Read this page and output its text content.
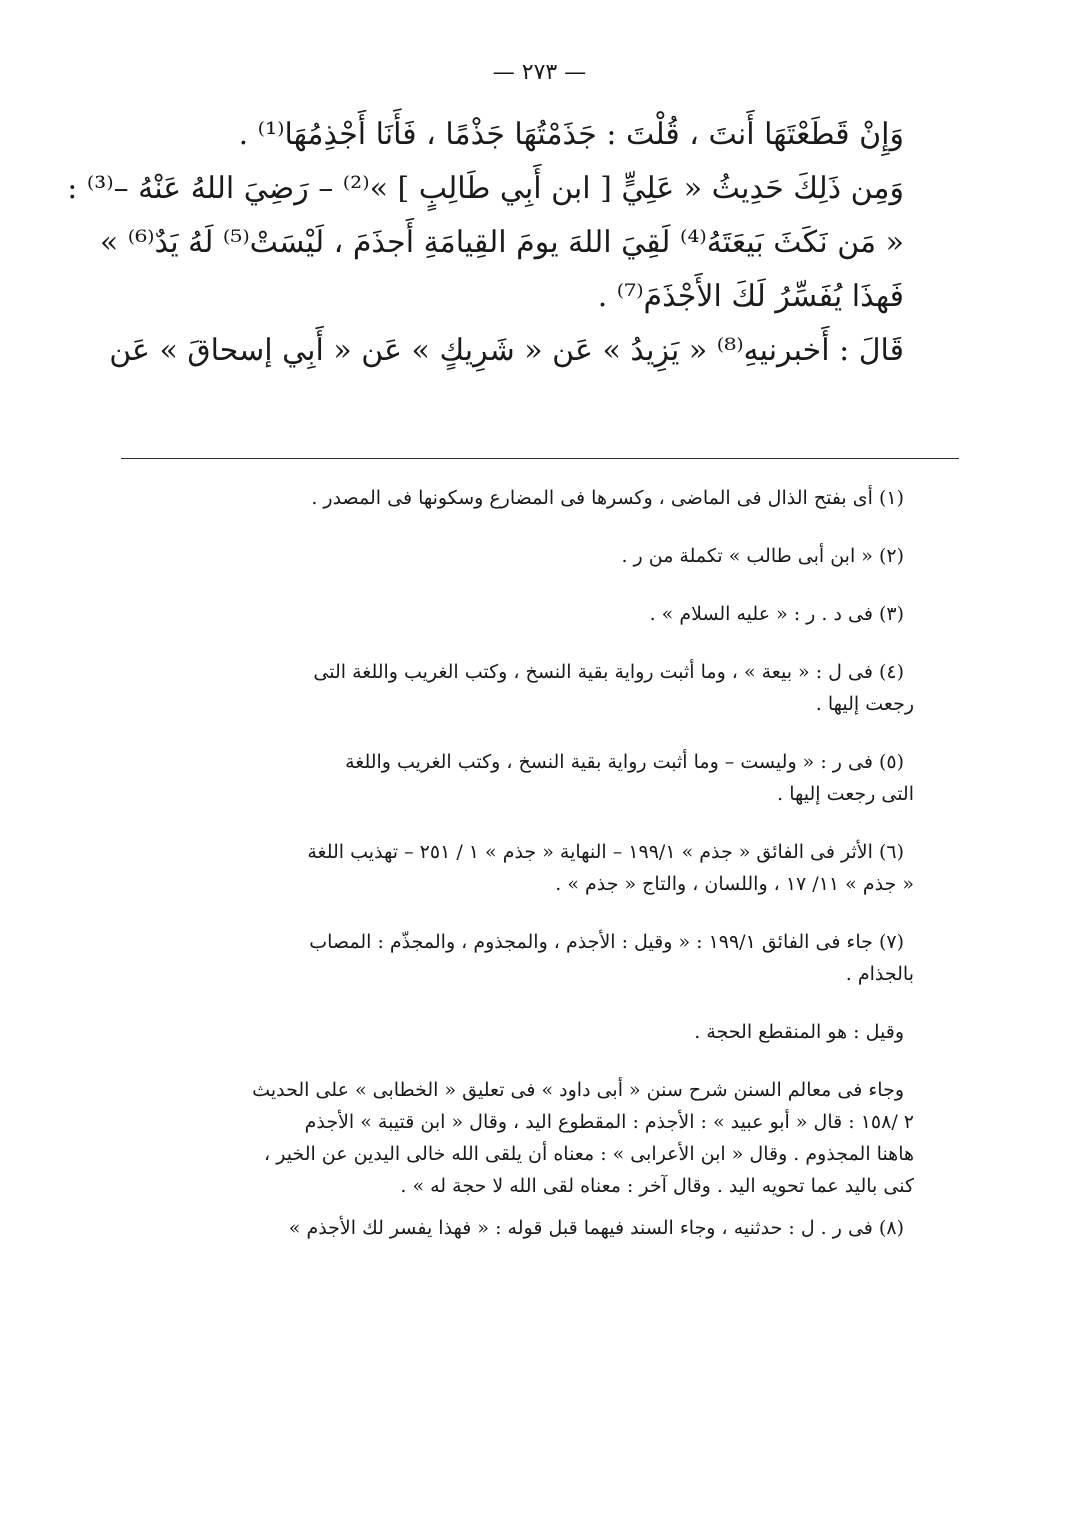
— ٢٧٣ —
وَإِنْ قَطَعْتَهَا أَنتَ ، قُلْتَ : جَذَمْتُهَا جَذْمًا ، فَأَنَا أَجْذِمُهَا⁽¹⁾ .
وَمِن ذَلِكَ حَدِيثُ « عَلِيٍّ [ ابن أَبِي طَالِبٍ ] »⁽²⁾ – رَضِيَ اللهُ عَنْهُ –⁽³⁾ :
« مَن نَكَثَ بَيعَتَهُ⁽⁴⁾ لَقِيَ اللهَ يومَ القِيامَةِ أَجذَمَ ، لَيْسَتْ⁽⁵⁾ لَهُ يَدٌ⁽⁶⁾ »
فَهذَا يُفَسِّرُ لَكَ الأَجْذَمَ⁽⁷⁾ .
قَالَ : أَخبرنيهِ⁽⁸⁾ « يَزِيدُ » عَن « شَرِيكٍ » عَن « أَبِي إسحاقَ » عَن
(١) أى بفتح الذال فى الماضى ، وكسرها فى المضارع وسكونها فى المصدر .
(٢) « ابن أبى طالب » تكملة من ر .
(٣) فى د . ر : « عليه السلام » .
(٤) فى ل : « بيعة » ، وما أثبت رواية بقية النسخ ، وكتب الغريب واللغة التى
رجعت إليها .
(٥) فى ر : « وليست – وما أثبت رواية بقية النسخ ، وكتب الغريب واللغة
التى رجعت إليها .
(٦) الأثر فى الفائق « جذم » ١٩٩/١ – النهاية « جذم » ١ / ٢٥١ – تهذيب اللغة
« جذم » ١١/ ١٧ ، واللسان ، والتاج « جذم » .
(٧) جاء فى الفائق ١٩٩/١ : « وقيل : الأجذم ، والمجذوم ، والمجذّم : المصاب
بالجذام .
وقيل : هو المنقطع الحجة .
وجاء فى معالم السنن شرح سنن « أبى داود » فى تعليق « الخطابى » على الحديث
٢ /١٥٨ : قال « أبو عبيد » : الأجذم : المقطوع اليد ، وقال « ابن قتيبة » الأجذم
هاهنا المجذوم . وقال « ابن الأعرابى » : معناه أن يلقى الله خالى اليدين عن الخير ،
كنى باليد عما تحويه اليد . وقال آخر : معناه لقى الله لا حجة له » .
(٨) فى ر . ل : حدثنيه ، وجاء السند فيهما قبل قوله : « فهذا يفسر لك الأجذم »
